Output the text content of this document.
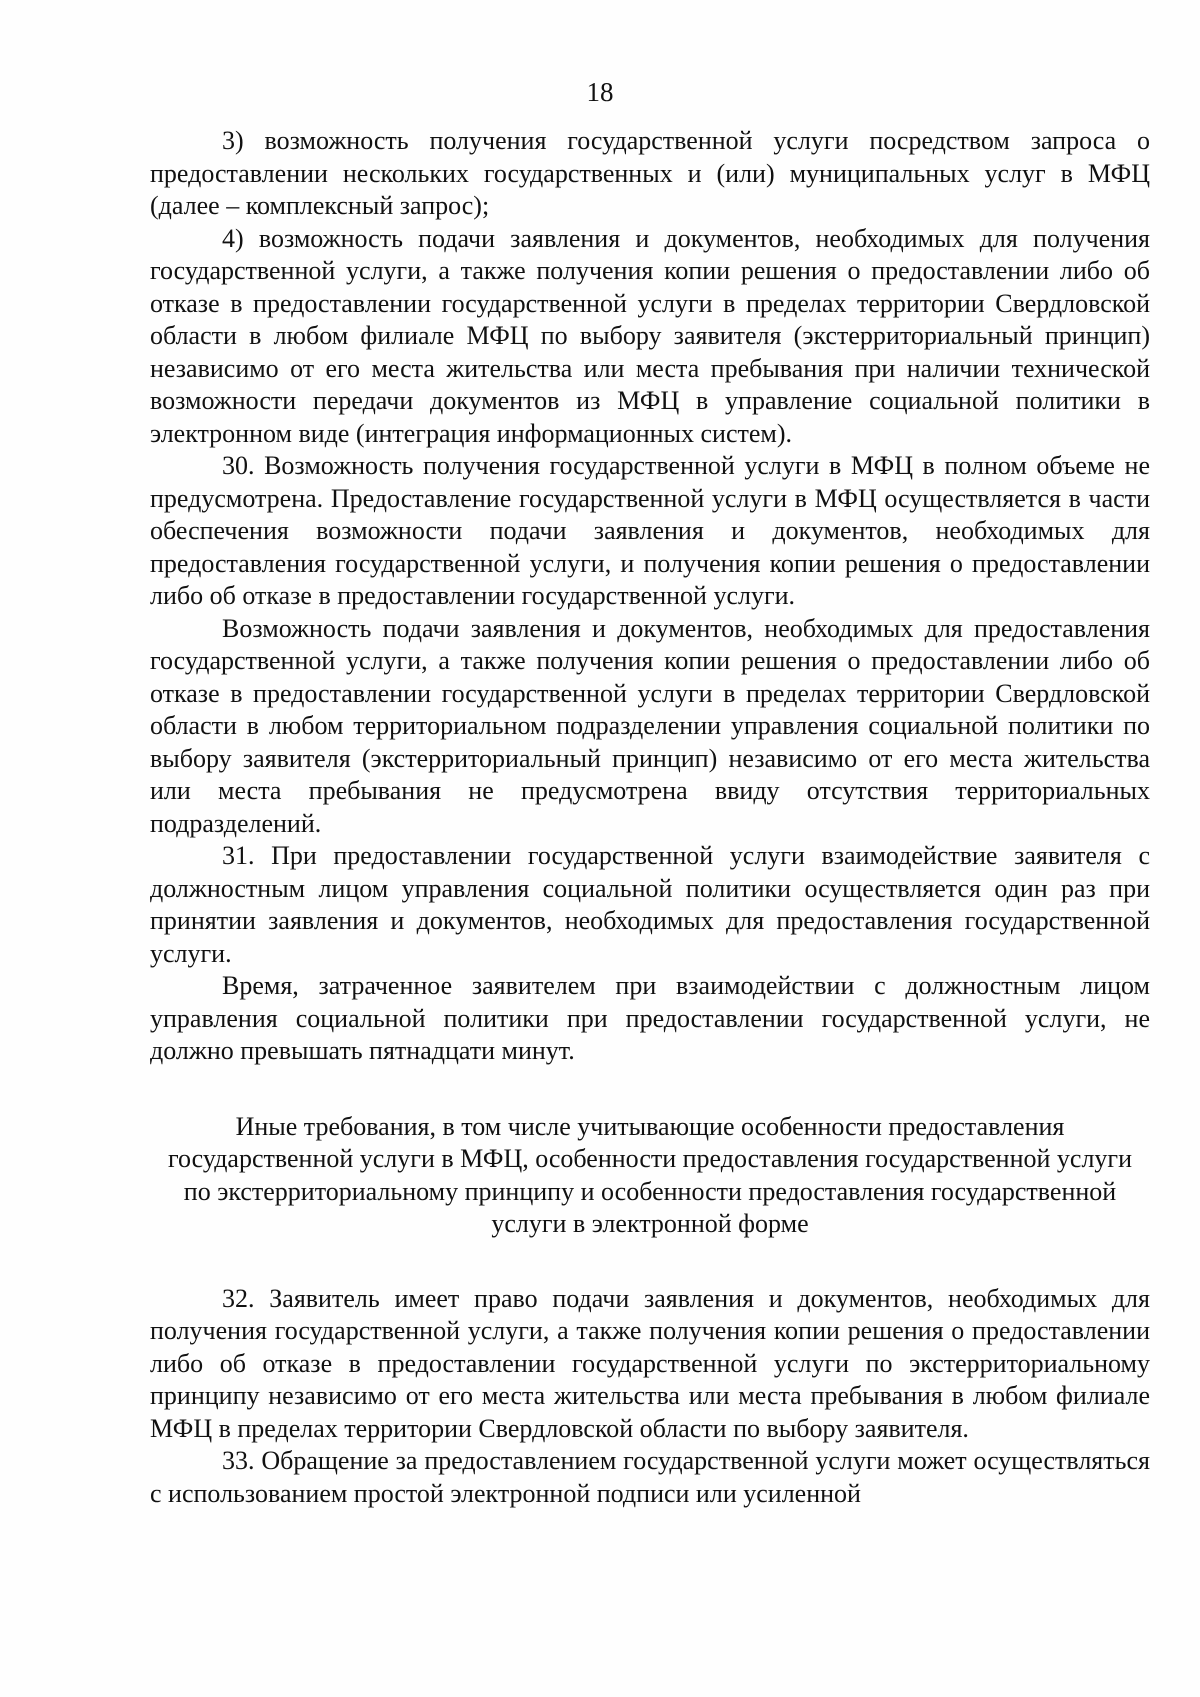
18

3) возможность получения государственной услуги посредством запроса о предоставлении нескольких государственных и (или) муниципальных услуг в МФЦ (далее – комплексный запрос);

4) возможность подачи заявления и документов, необходимых для получения государственной услуги, а также получения копии решения о предоставлении либо об отказе в предоставлении государственной услуги в пределах территории Свердловской области в любом филиале МФЦ по выбору заявителя (экстерриториальный принцип) независимо от его места жительства или места пребывания при наличии технической возможности передачи документов из МФЦ в управление социальной политики в электронном виде (интеграция информационных систем).

30. Возможность получения государственной услуги в МФЦ в полном объеме не предусмотрена. Предоставление государственной услуги в МФЦ осуществляется в части обеспечения возможности подачи заявления и документов, необходимых для предоставления государственной услуги, и получения копии решения о предоставлении либо об отказе в предоставлении государственной услуги.

Возможность подачи заявления и документов, необходимых для предоставления государственной услуги, а также получения копии решения о предоставлении либо об отказе в предоставлении государственной услуги в пределах территории Свердловской области в любом территориальном подразделении управления социальной политики по выбору заявителя (экстерриториальный принцип) независимо от его места жительства или места пребывания не предусмотрена ввиду отсутствия территориальных подразделений.

31. При предоставлении государственной услуги взаимодействие заявителя с должностным лицом управления социальной политики осуществляется один раз при принятии заявления и документов, необходимых для предоставления государственной услуги.

Время, затраченное заявителем при взаимодействии с должностным лицом управления социальной политики при предоставлении государственной услуги, не должно превышать пятнадцати минут.

Иные требования, в том числе учитывающие особенности предоставления государственной услуги в МФЦ, особенности предоставления государственной услуги по экстерриториальному принципу и особенности предоставления государственной услуги в электронной форме

32. Заявитель имеет право подачи заявления и документов, необходимых для получения государственной услуги, а также получения копии решения о предоставлении либо об отказе в предоставлении государственной услуги по экстерриториальному принципу независимо от его места жительства или места пребывания в любом филиале МФЦ в пределах территории Свердловской области по выбору заявителя.

33. Обращение за предоставлением государственной услуги может осуществляться с использованием простой электронной подписи или усиленной
